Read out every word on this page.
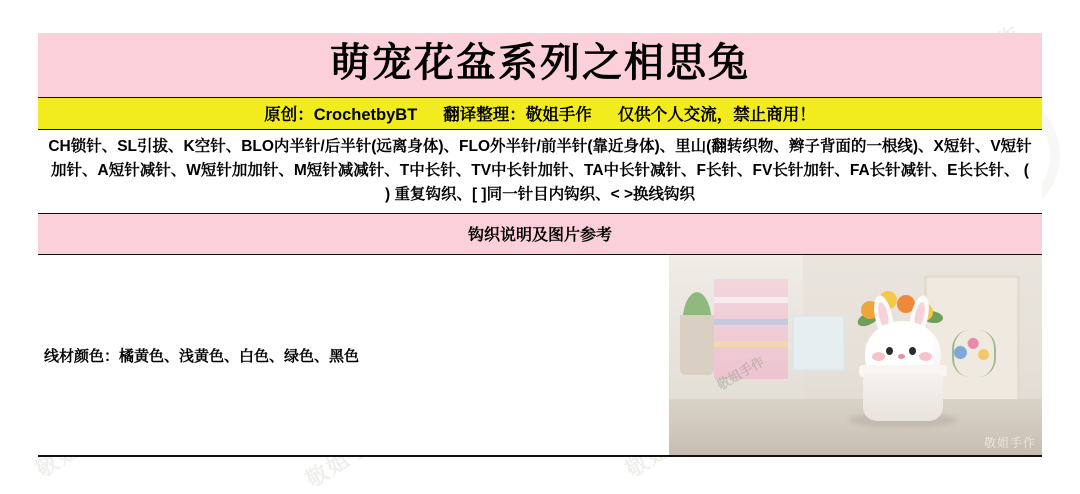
萌宠花盆系列之相思兔
原创：CrochetbyBT 翻译整理：敬姐手作 仅供个人交流，禁止商用！
CH锁针、SL引拔、K空针、BLO内半针/后半针(远离身体)、FLO外半针/前半针(靠近身体)、里山(翻转织物、辫子背面的一根线)、X短针、V短针加针、A短针减针、W短针加加针、M短针减减针、T中长针、TV中长针加针、TA中长针减针、F长针、FV长针加针、FA长针减针、E长长针、 ( ) 重复钩织、[ ]同一针目内钩织、< >换线钩织
钩织说明及图片参考
线材颜色：橘黄色、浅黄色、白色、绿色、黑色	敬姐手作
敬姐手作
